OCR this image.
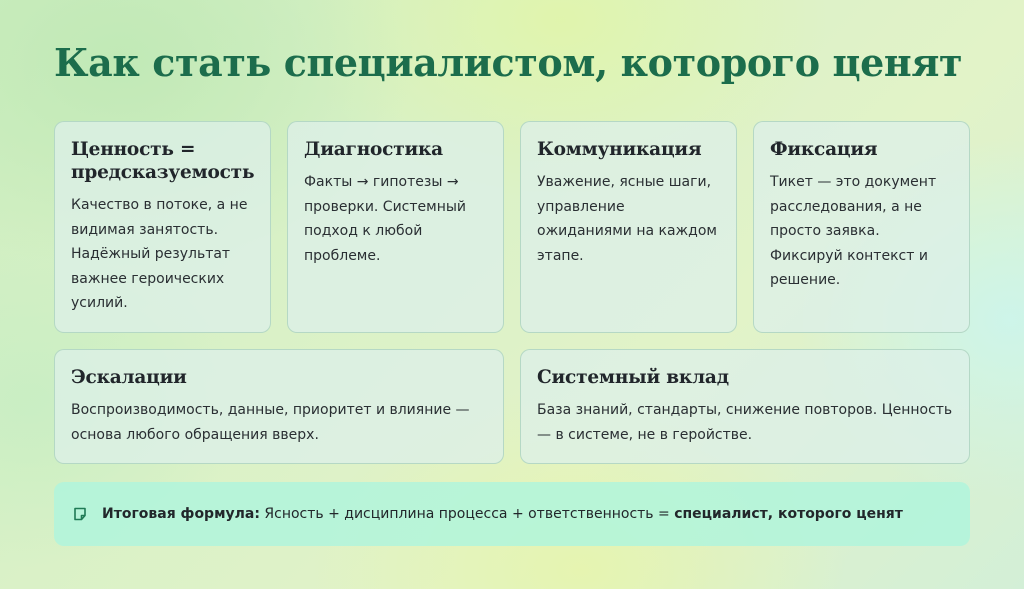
Как стать специалистом, которого ценят
Ценность = предсказуемость

Качество в потоке, а не видимая занятость. Надёжный результат важнее героических усилий.

Диагностика

Факты → гипотезы → проверки. Системный подход к любой проблеме.

Коммуникация

Уважение, ясные шаги, управление ожиданиями на каждом этапе.

Фиксация

Тикет — это документ расследования, а не просто заявка. Фиксируй контекст и решение.

Эскалации

Воспроизводимость, данные, приоритет и влияние — основа любого обращения вверх.

Системный вклад

База знаний, стандарты, снижение повторов. Ценность — в системе, не в геройстве.

Итоговая формула: Ясность + дисциплина процесса + ответственность = специалист, которого ценят
